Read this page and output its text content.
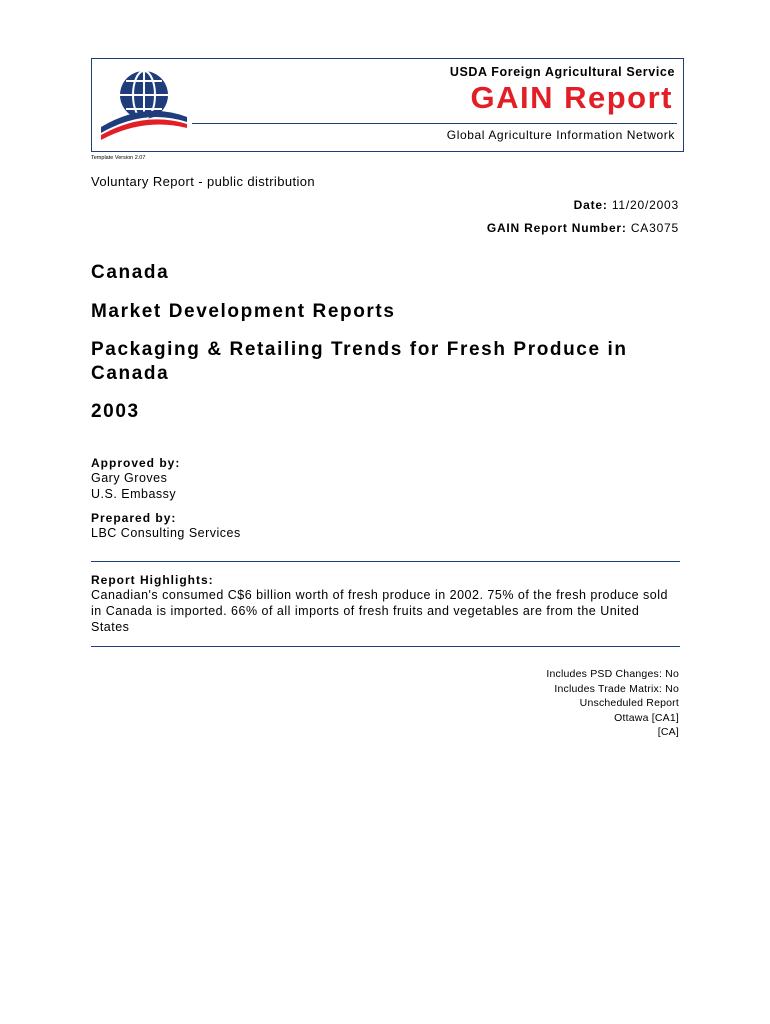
USDA Foreign Agricultural Service
GAIN Report
Global Agriculture Information Network
Template Version 2.07
Voluntary Report - public distribution
Date: 11/20/2003
GAIN Report Number: CA3075
Canada
Market Development Reports
Packaging & Retailing Trends for Fresh Produce in Canada
2003
Approved by:
Gary Groves
U.S. Embassy
Prepared by:
LBC Consulting Services
Report Highlights:
Canadian's consumed C$6 billion worth of fresh produce in 2002. 75% of the fresh produce sold in Canada is imported. 66% of all imports of fresh fruits and vegetables are from the United States
Includes PSD Changes: No
Includes Trade Matrix: No
Unscheduled Report
Ottawa [CA1]
[CA]
